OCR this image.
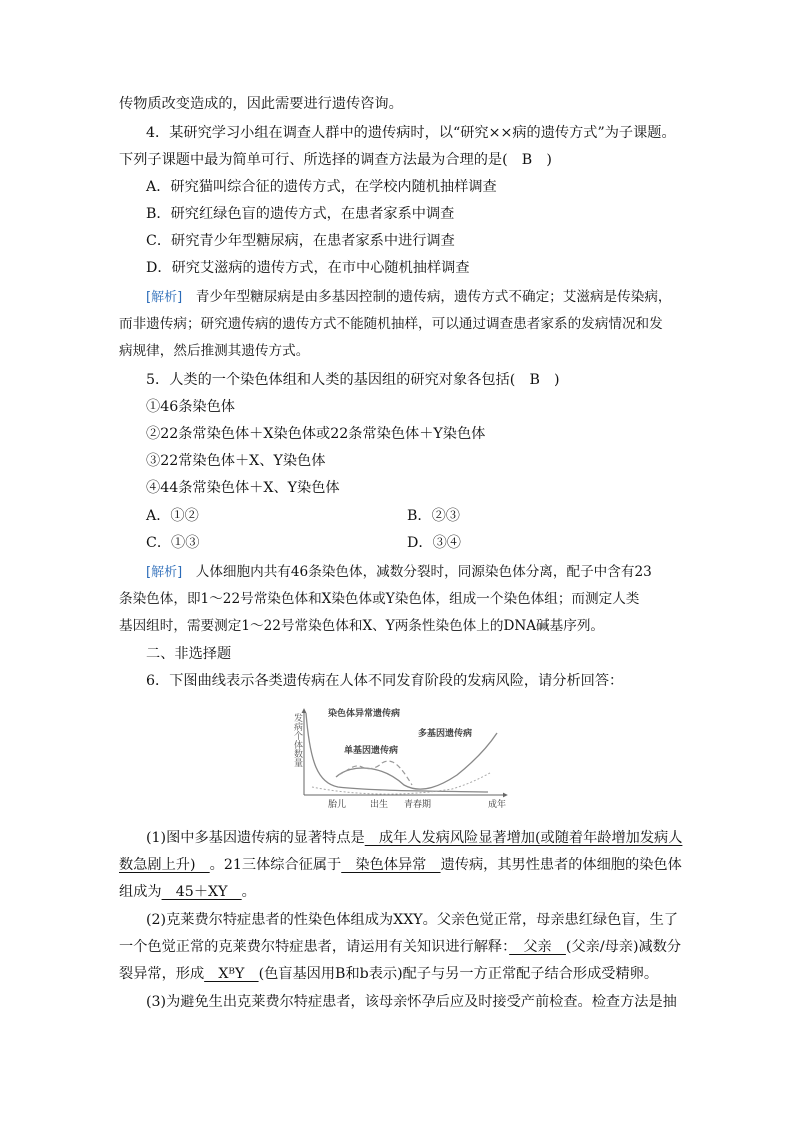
传物质改变造成的，因此需要进行遗传咨询。
4．某研究学习小组在调查人群中的遗传病时，以“研究××病的遗传方式”为子课题。
下列子课题中最为简单可行、所选择的调查方法最为合理的是(　B　)
A．研究猫叫综合征的遗传方式，在学校内随机抽样调查
B．研究红绿色盲的遗传方式，在患者家系中调查
C．研究青少年型糖尿病，在患者家系中进行调查
D．研究艾滋病的遗传方式，在市中心随机抽样调查
[解析]　青少年型糖尿病是由多基因控制的遗传病，遗传方式不确定；艾滋病是传染病，
而非遗传病；研究遗传病的遗传方式不能随机抽样，可以通过调查患者家系的发病情况和发
病规律，然后推测其遗传方式。
5．人类的一个染色体组和人类的基因组的研究对象各包括(　B　)
①46条染色体
②22条常染色体＋X染色体或22条常染色体＋Y染色体
③22常染色体＋X、Y染色体
④44条常染色体＋X、Y染色体
A．①②	B．②③
C．①③	D．③④
[解析]　人体细胞内共有46条染色体，减数分裂时，同源染色体分离，配子中含有23
条染色体，即1～22号常染色体和X染色体或Y染色体，组成一个染色体组；而测定人类
基因组时，需要测定1～22号常染色体和X、Y两条性染色体上的DNA碱基序列。
二、非选择题
6．下图曲线表示各类遗传病在人体不同发育阶段的发病风险，请分析回答：
发病个体数量
染色体异常遗传病
多基因遗传病
单基因遗传病
胎儿	出生 青春期	成年
(1)图中多基因遗传病的显著特点是　成年人发病风险显著增加(或随着年龄增加发病人
数急剧上升)　。21三体综合征属于　染色体异常　遗传病，其男性患者的体细胞的染色体
组成为　45＋XY　。
(2)克莱费尔特症患者的性染色体组成为XXY。父亲色觉正常，母亲患红绿色盲，生了
一个色觉正常的克莱费尔特症患者，请运用有关知识进行解释：　父亲　(父亲/母亲)减数分
裂异常，形成　XᴮY　(色盲基因用B和b表示)配子与另一方正常配子结合形成受精卵。
(3)为避免生出克莱费尔特症患者，该母亲怀孕后应及时接受产前检查。检查方法是抽
